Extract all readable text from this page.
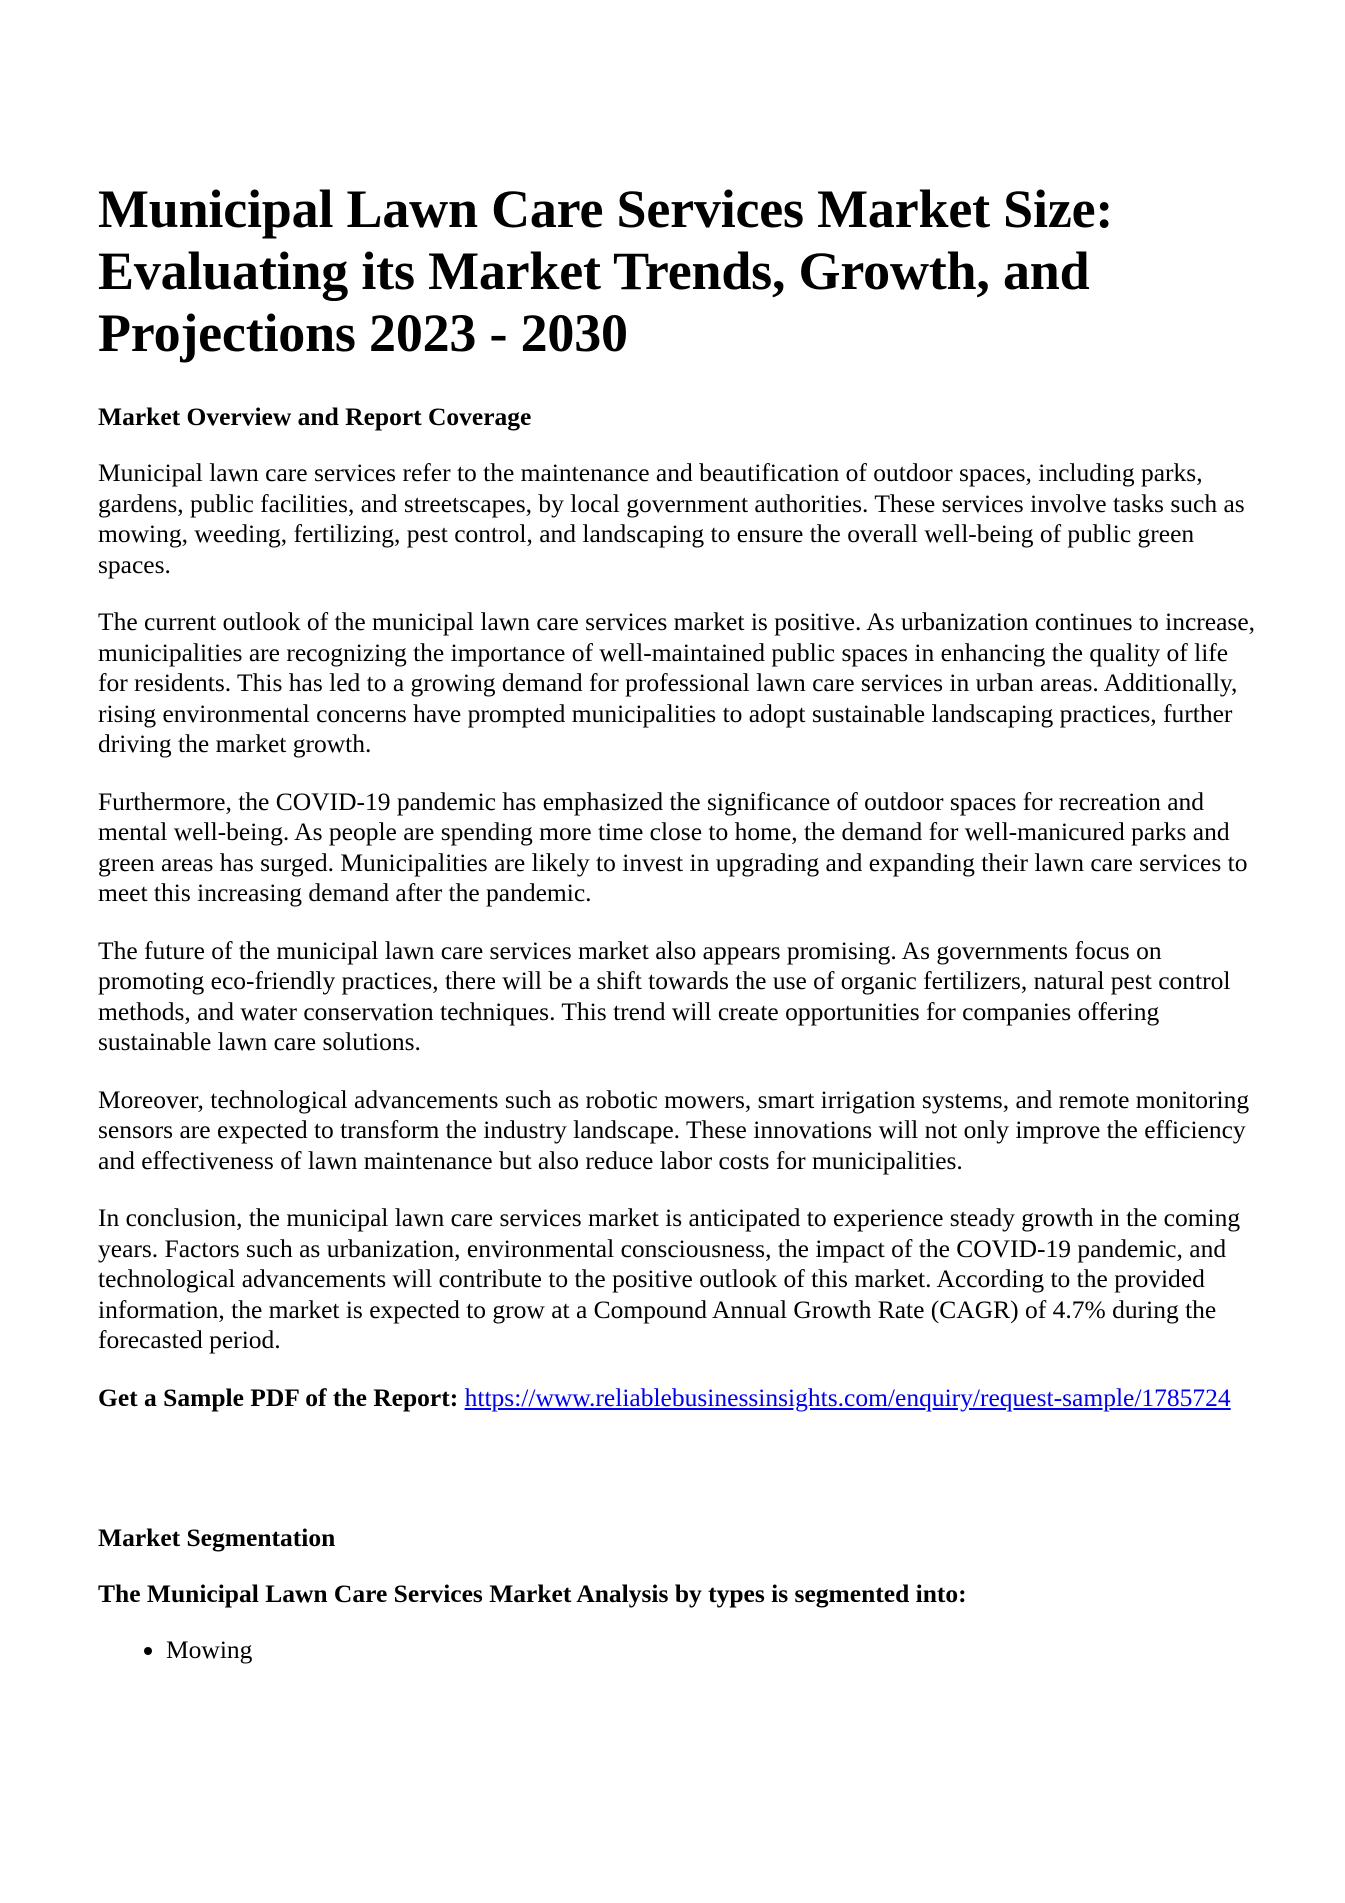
Municipal Lawn Care Services Market Size: Evaluating its Market Trends, Growth, and Projections 2023 - 2030
Market Overview and Report Coverage

Municipal lawn care services refer to the maintenance and beautification of outdoor spaces, including parks, gardens, public facilities, and streetscapes, by local government authorities. These services involve tasks such as mowing, weeding, fertilizing, pest control, and landscaping to ensure the overall well-being of public green spaces.

The current outlook of the municipal lawn care services market is positive. As urbanization continues to increase, municipalities are recognizing the importance of well-maintained public spaces in enhancing the quality of life for residents. This has led to a growing demand for professional lawn care services in urban areas. Additionally, rising environmental concerns have prompted municipalities to adopt sustainable landscaping practices, further driving the market growth.

Furthermore, the COVID-19 pandemic has emphasized the significance of outdoor spaces for recreation and mental well-being. As people are spending more time close to home, the demand for well-manicured parks and green areas has surged. Municipalities are likely to invest in upgrading and expanding their lawn care services to meet this increasing demand after the pandemic.

The future of the municipal lawn care services market also appears promising. As governments focus on promoting eco-friendly practices, there will be a shift towards the use of organic fertilizers, natural pest control methods, and water conservation techniques. This trend will create opportunities for companies offering sustainable lawn care solutions.

Moreover, technological advancements such as robotic mowers, smart irrigation systems, and remote monitoring sensors are expected to transform the industry landscape. These innovations will not only improve the efficiency and effectiveness of lawn maintenance but also reduce labor costs for municipalities.

In conclusion, the municipal lawn care services market is anticipated to experience steady growth in the coming years. Factors such as urbanization, environmental consciousness, the impact of the COVID-19 pandemic, and technological advancements will contribute to the positive outlook of this market. According to the provided information, the market is expected to grow at a Compound Annual Growth Rate (CAGR) of 4.7% during the forecasted period.

Get a Sample PDF of the Report: https://www.reliablebusinessinsights.com/enquiry/request-sample/1785724

Market Segmentation
The Municipal Lawn Care Services Market Analysis by types is segmented into:
• Mowing
